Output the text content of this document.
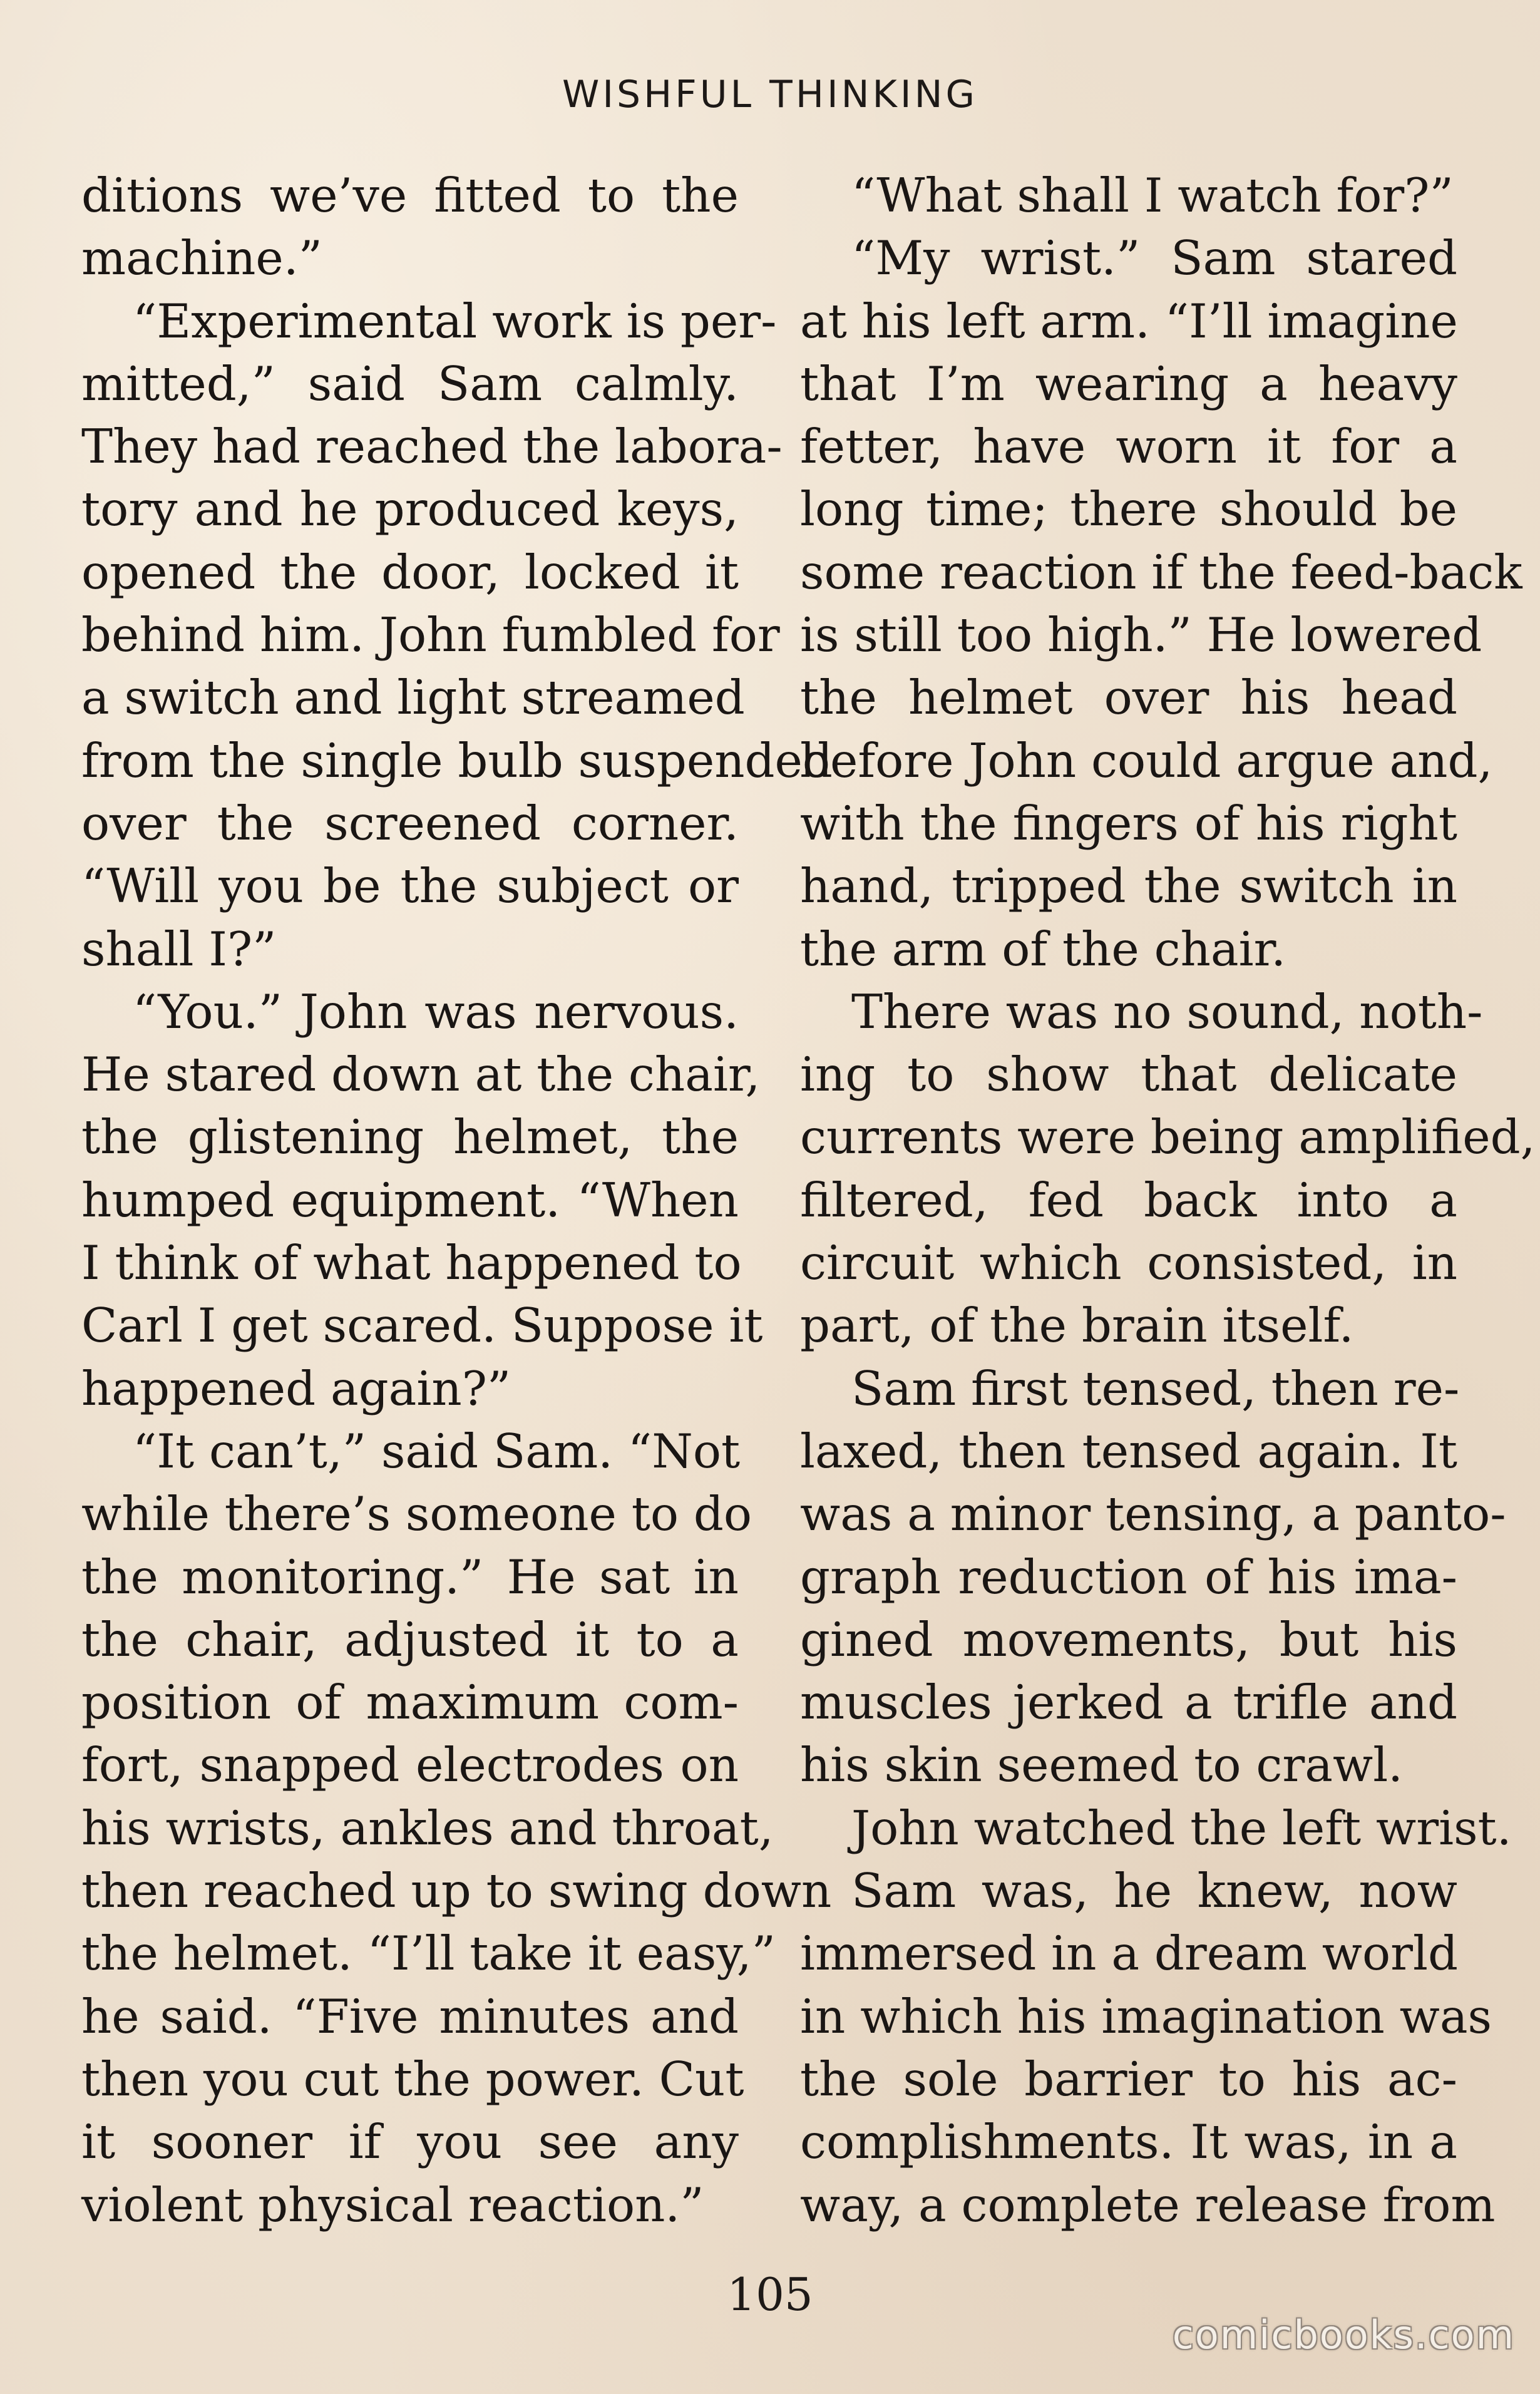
WISHFUL THINKING

ditions we’ve fitted to the

machine.”

“Experimental work is per-

mitted,” said Sam calmly.

They had reached the labora-

tory and he produced keys,

opened the door, locked it

behind him. John fumbled for

a switch and light streamed

from the single bulb suspended

over the screened corner.

“Will you be the subject or

shall I?”

“You.” John was nervous.

He stared down at the chair,

the glistening helmet, the

humped equipment. “When

I think of what happened to

Carl I get scared. Suppose it

happened again?”

“It can’t,” said Sam. “Not

while there’s someone to do

the monitoring.” He sat in

the chair, adjusted it to a

position of maximum com-

fort, snapped electrodes on

his wrists, ankles and throat,

then reached up to swing down

the helmet. “I’ll take it easy,”

he said. “Five minutes and

then you cut the power. Cut

it sooner if you see any

violent physical reaction.”

“What shall I watch for?”

“My wrist.” Sam stared

at his left arm. “I’ll imagine

that I’m wearing a heavy

fetter, have worn it for a

long time; there should be

some reaction if the feed-back

is still too high.” He lowered

the helmet over his head

before John could argue and,

with the fingers of his right

hand, tripped the switch in

the arm of the chair.

There was no sound, noth-

ing to show that delicate

currents were being amplified,

filtered, fed back into a

circuit which consisted, in

part, of the brain itself.

Sam first tensed, then re-

laxed, then tensed again. It

was a minor tensing, a panto-

graph reduction of his ima-

gined movements, but his

muscles jerked a trifle and

his skin seemed to crawl.

John watched the left wrist.

Sam was, he knew, now

immersed in a dream world

in which his imagination was

the sole barrier to his ac-

complishments. It was, in a

way, a complete release from

105
comicbooks.com
